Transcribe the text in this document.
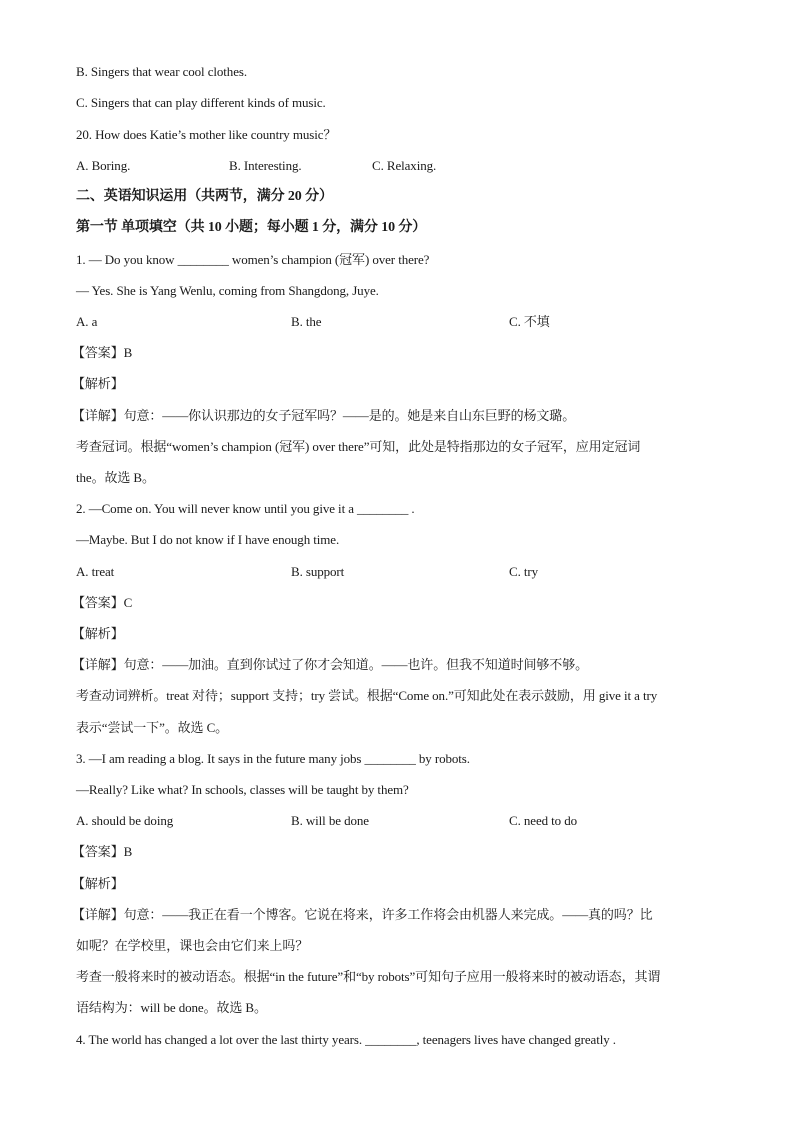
B. Singers that wear cool clothes.
C. Singers that can play different kinds of music.
20. How does Katie’s mother like country music？
A. Boring.	B. Interesting.	C. Relaxing.
二、英语知识运用（共两节，满分 20 分）
第一节 单项填空（共 10 小题；每小题 1 分，满分 10 分）
1. — Do you know ________ women’s champion (冠军) over there?
— Yes. She is Yang Wenlu, coming from Shangdong, Juye.
A. a	B. the	C. 不填
【答案】B
【解析】
【详解】句意：——你认识那边的女子冠军吗？——是的。她是来自山东巨野的杨文璐。
考查冠词。根据“women’s champion (冠军) over there”可知，此处是特指那边的女子冠军，应用定冠词
the。故选 B。
2. —Come on. You will never know until you give it a ________ .
—Maybe. But I do not know if I have enough time.
A. treat	B. support	C. try
【答案】C
【解析】
【详解】句意：——加油。直到你试过了你才会知道。——也许。但我不知道时间够不够。
考查动词辨析。treat 对待；support 支持；try 尝试。根据“Come on.”可知此处在表示鼓励，用 give it a try
表示“尝试一下”。故选 C。
3. —I am reading a blog. It says in the future many jobs ________ by robots.
—Really? Like what? In schools, classes will be taught by them?
A. should be doing	B. will be done	C. need to do
【答案】B
【解析】
【详解】句意：——我正在看一个博客。它说在将来，许多工作将会由机器人来完成。——真的吗？比
如呢？在学校里，课也会由它们来上吗？
考查一般将来时的被动语态。根据“in the future”和“by robots”可知句子应用一般将来时的被动语态，其谓
语结构为：will be done。故选 B。
4. The world has changed a lot over the last thirty years. ________, teenagers lives have changed greatly .
